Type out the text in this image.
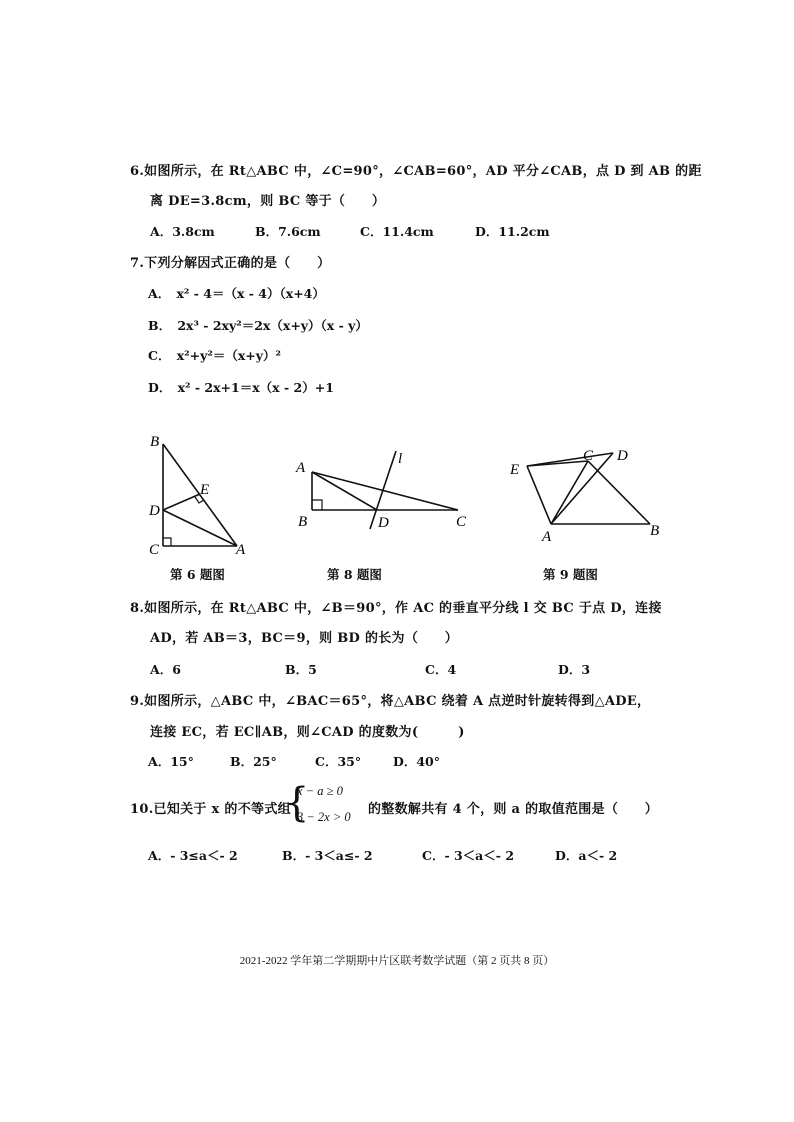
6.如图所示，在 Rt△ABC 中，∠C=90°，∠CAB=60°，AD 平分∠CAB，点 D 到 AB 的距
离 DE=3.8cm，则 BC 等于（　　）
A．3.8cm	B．7.6cm	C．11.4cm	D．11.2cm
7.下列分解因式正确的是（　　）
A．　x² - 4＝（x - 4）（x+4）
B．　2x³ - 2xy²＝2x（x+y）（x - y）
C．　x²+y²＝（x+y）²
D．　x² - 2x+1＝x（x - 2）+1
B
E
D
C	A
第 6 题图
A
l
B	D	C
第 8 题图
E
C D
A	B
第 9 题图
8.如图所示，在 Rt△ABC 中，∠B＝90°，作 AC 的垂直平分线 l 交 BC 于点 D，连接
AD，若 AB＝3，BC＝9，则 BD 的长为（　　）
A．6	B．5	C．4	D．3
9.如图所示，△ABC 中，∠BAC＝65°，将△ABC 绕着 A 点逆时针旋转得到△ADE，
连接 EC，若 EC∥AB，则∠CAD 的度数为(　　　)
A．15°	B．25°	C．35°	D．40°
10.已知关于 x 的不等式组
{
x − a ≥ 0
3 − 2x > 0 的整数解共有 4 个，则 a 的取值范围是（　　）
A．- 3≤a＜- 2	B．- 3＜a≤- 2	C．- 3＜a＜- 2	D．a＜- 2
2021-2022 学年第二学期期中片区联考数学试题（第 2 页共 8 页）
